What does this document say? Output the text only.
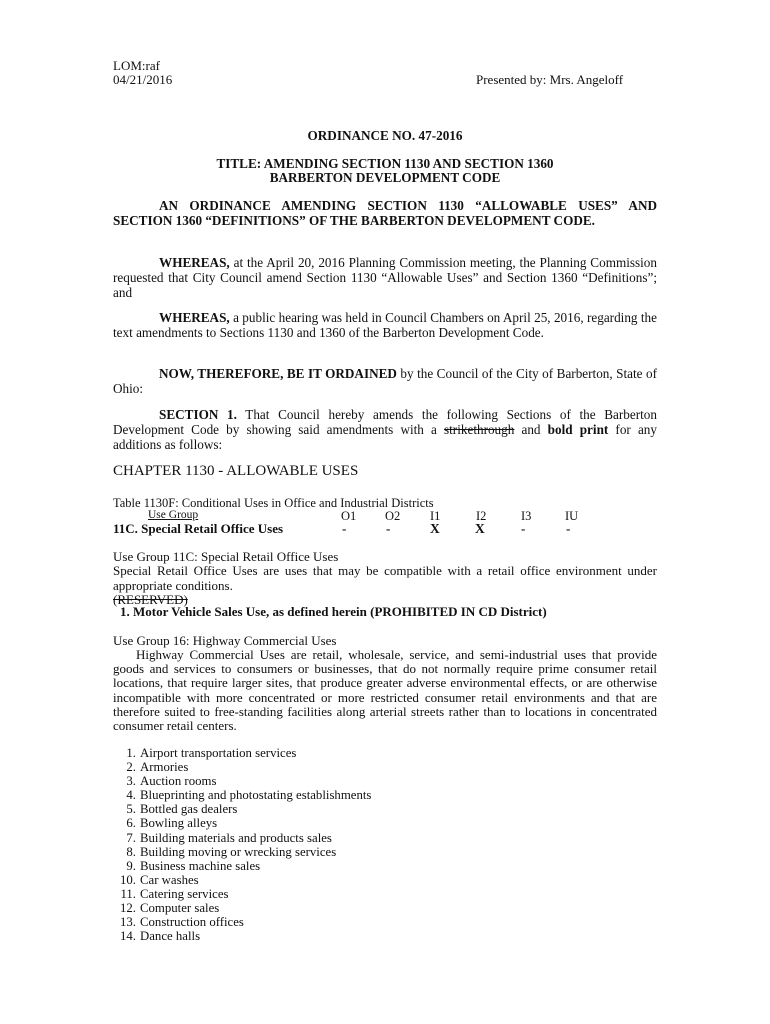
LOM:raf
04/21/2016	Presented by: Mrs. Angeloff
ORDINANCE NO. 47-2016
TITLE: AMENDING SECTION 1130 AND SECTION 1360
BARBERTON DEVELOPMENT CODE
AN ORDINANCE AMENDING SECTION 1130 “ALLOWABLE USES” AND SECTION 1360 “DEFINITIONS” OF THE BARBERTON DEVELOPMENT CODE.
WHEREAS, at the April 20, 2016 Planning Commission meeting, the Planning Commission requested that City Council amend Section 1130 “Allowable Uses” and Section 1360 “Definitions”; and
WHEREAS, a public hearing was held in Council Chambers on April 25, 2016, regarding the text amendments to Sections 1130 and 1360 of the Barberton Development Code.
NOW, THEREFORE, BE IT ORDAINED by the Council of the City of Barberton, State of Ohio:
SECTION 1. That Council hereby amends the following Sections of the Barberton Development Code by showing said amendments with a strikethrough and bold print for any additions as follows:
CHAPTER 1130 - ALLOWABLE USES
Table 1130F: Conditional Uses in Office and Industrial Districts
Use Group	O1 O2 I1	I2	I3	IU
11C. Special Retail Office Uses	-	-	X	X	-	-
Use Group 11C: Special Retail Office Uses
Special Retail Office Uses are uses that may be compatible with a retail office environment under appropriate conditions.
(RESERVED)
1. Motor Vehicle Sales Use, as defined herein (PROHIBITED IN CD District)
Use Group 16: Highway Commercial Uses
Highway Commercial Uses are retail, wholesale, service, and semi-industrial uses that provide goods and services to consumers or businesses, that do not normally require prime consumer retail locations, that require larger sites, that produce greater adverse environmental effects, or are otherwise incompatible with more concentrated or more restricted consumer retail environments and that are therefore suited to free-standing facilities along arterial streets rather than to locations in concentrated consumer retail centers.
1. Airport transportation services
2. Armories
3. Auction rooms
4. Blueprinting and photostating establishments
5. Bottled gas dealers
6. Bowling alleys
7. Building materials and products sales
8. Building moving or wrecking services
9. Business machine sales
10. Car washes
11. Catering services
12. Computer sales
13. Construction offices
14. Dance halls
